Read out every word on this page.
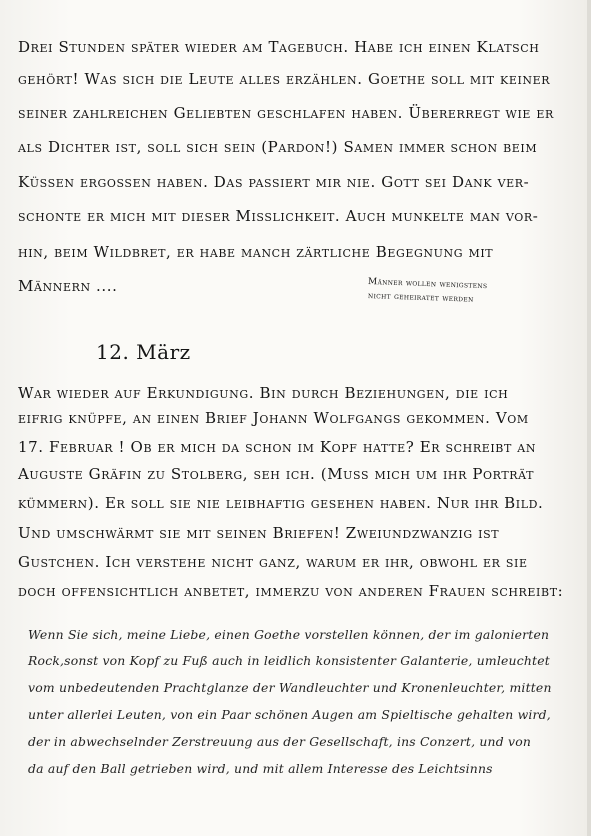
Drei Stunden später wieder am Tagebuch. Habe ich einen Klatsch
gehört! Was sich die Leute alles erzählen. Goethe soll mit keiner
seiner zahlreichen Geliebten geschlafen haben. Übererregt wie er
als Dichter ist, soll sich sein (Pardon!) Samen immer schon beim
Küssen ergossen haben. Das passiert mir nie. Gott sei Dank ver-
schonte er mich mit dieser Misslichkeit. Auch munkelte man vor-
hin, beim Wildbret, er habe manch zärtliche Begegnung mit
Männern ....	Männer wollen wenigstens
nicht geheiratet werden
12. März
War wieder auf Erkundigung. Bin durch Beziehungen, die ich
eifrig knüpfe, an einen Brief Johann Wolfgangs gekommen. Vom
17. Februar ! Ob er mich da schon im Kopf hatte? Er schreibt an
Auguste Gräfin zu Stolberg, seh ich. (Muss mich um ihr Porträt
kümmern). Er soll sie nie leibhaftig gesehen haben. Nur ihr Bild.
Und umschwärmt sie mit seinen Briefen! Zweiundzwanzig ist
Gustchen. Ich verstehe nicht ganz, warum er ihr, obwohl er sie
doch offensichtlich anbetet, immerzu von anderen Frauen schreibt:
Wenn Sie sich, meine Liebe, einen Goethe vorstellen können, der im galonierten
Rock,sonst von Kopf zu Fuß auch in leidlich konsistenter Galanterie, umleuchtet
vom unbedeutenden Prachtglanze der Wandleuchter und Kronenleuchter, mitten
unter allerlei Leuten, von ein Paar schönen Augen am Spieltische gehalten wird,
der in abwechselnder Zerstreuung aus der Gesellschaft, ins Conzert, und von
da auf den Ball getrieben wird, und mit allem Interesse des Leichtsinns
